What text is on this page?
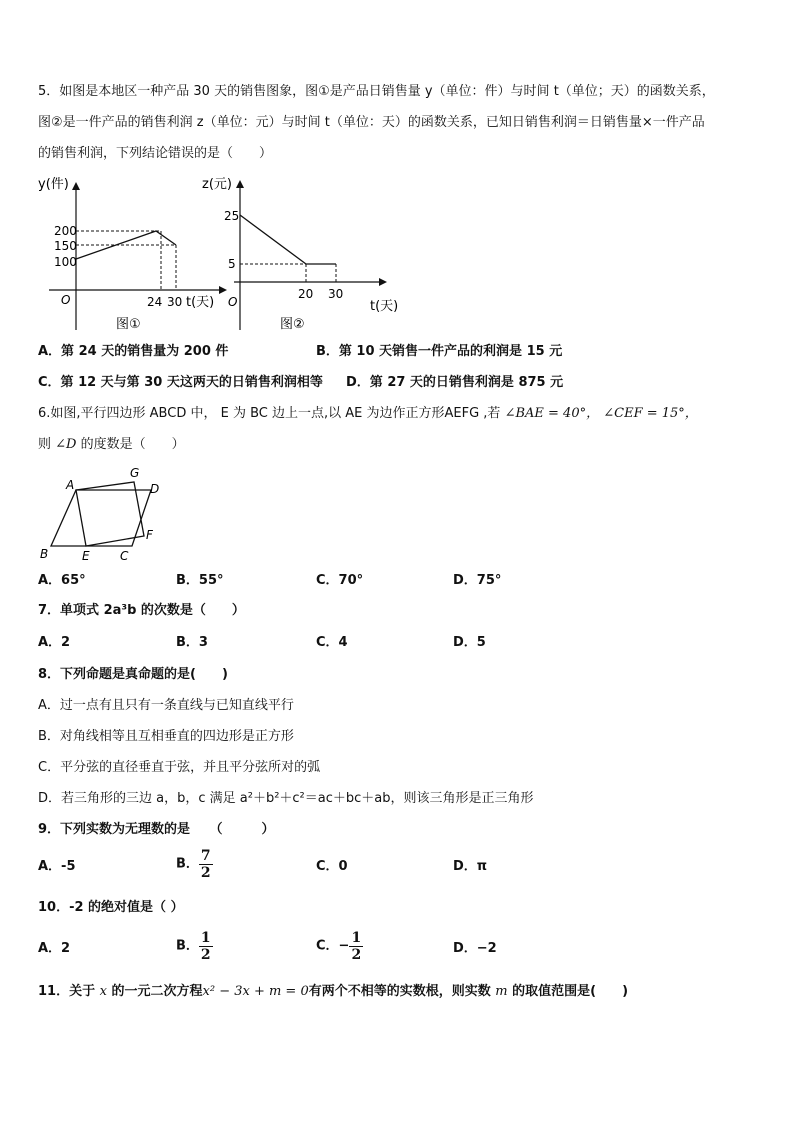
5．如图是本地区一种产品 30 天的销售图象，图①是产品日销售量 y（单位：件）与时间 t（单位；天）的函数关系，
图②是一件产品的销售利润 z（单位：元）与时间 t（单位：天）的函数关系，已知日销售利润＝日销售量×一件产品
的销售利润，下列结论错误的是（　　）
y(件)
200
150
100
O	24 30 t(天)
图①
z(元)
25
5
O
20 30
t(天)
图②
A．第 24 天的销售量为 200 件	B．第 10 天销售一件产品的利润是 15 元
C．第 12 天与第 30 天这两天的日销售利润相等 D．第 27 天的日销售利润是 875 元
6.如图,平行四边形 ABCD 中， E 为 BC 边上一点,以 AE 为边作正方形AEFG ,若 ∠BAE = 40°， ∠CEF = 15°，
则 ∠D 的度数是（　　）
A
G
D
F
B	E	C
A．65°	B．55°	C．70°	D．75°
7．单项式 2a³b 的次数是（　　）
A．2	B．3	C．4	D．5
8．下列命题是真命题的是(　　)
A．过一点有且只有一条直线与已知直线平行
B．对角线相等且互相垂直的四边形是正方形
C．平分弦的直径垂直于弦，并且平分弦所对的弧
D．若三角形的三边 a，b，c 满足 a²＋b²＋c²＝ac＋bc＋ab，则该三角形是正三角形
9．下列实数为无理数的是　　（　　　）
A．-5	B． $\frac{7}{2}$	C．0	D．π
10．-2 的绝对值是（ ）
A．2	B． $\frac{1}{2}$	C．− $\frac{1}{2}$	D．−2
11．关于 x 的一元二次方程x² − 3x + m = 0有两个不相等的实数根，则实数 m 的取值范围是(　　)
